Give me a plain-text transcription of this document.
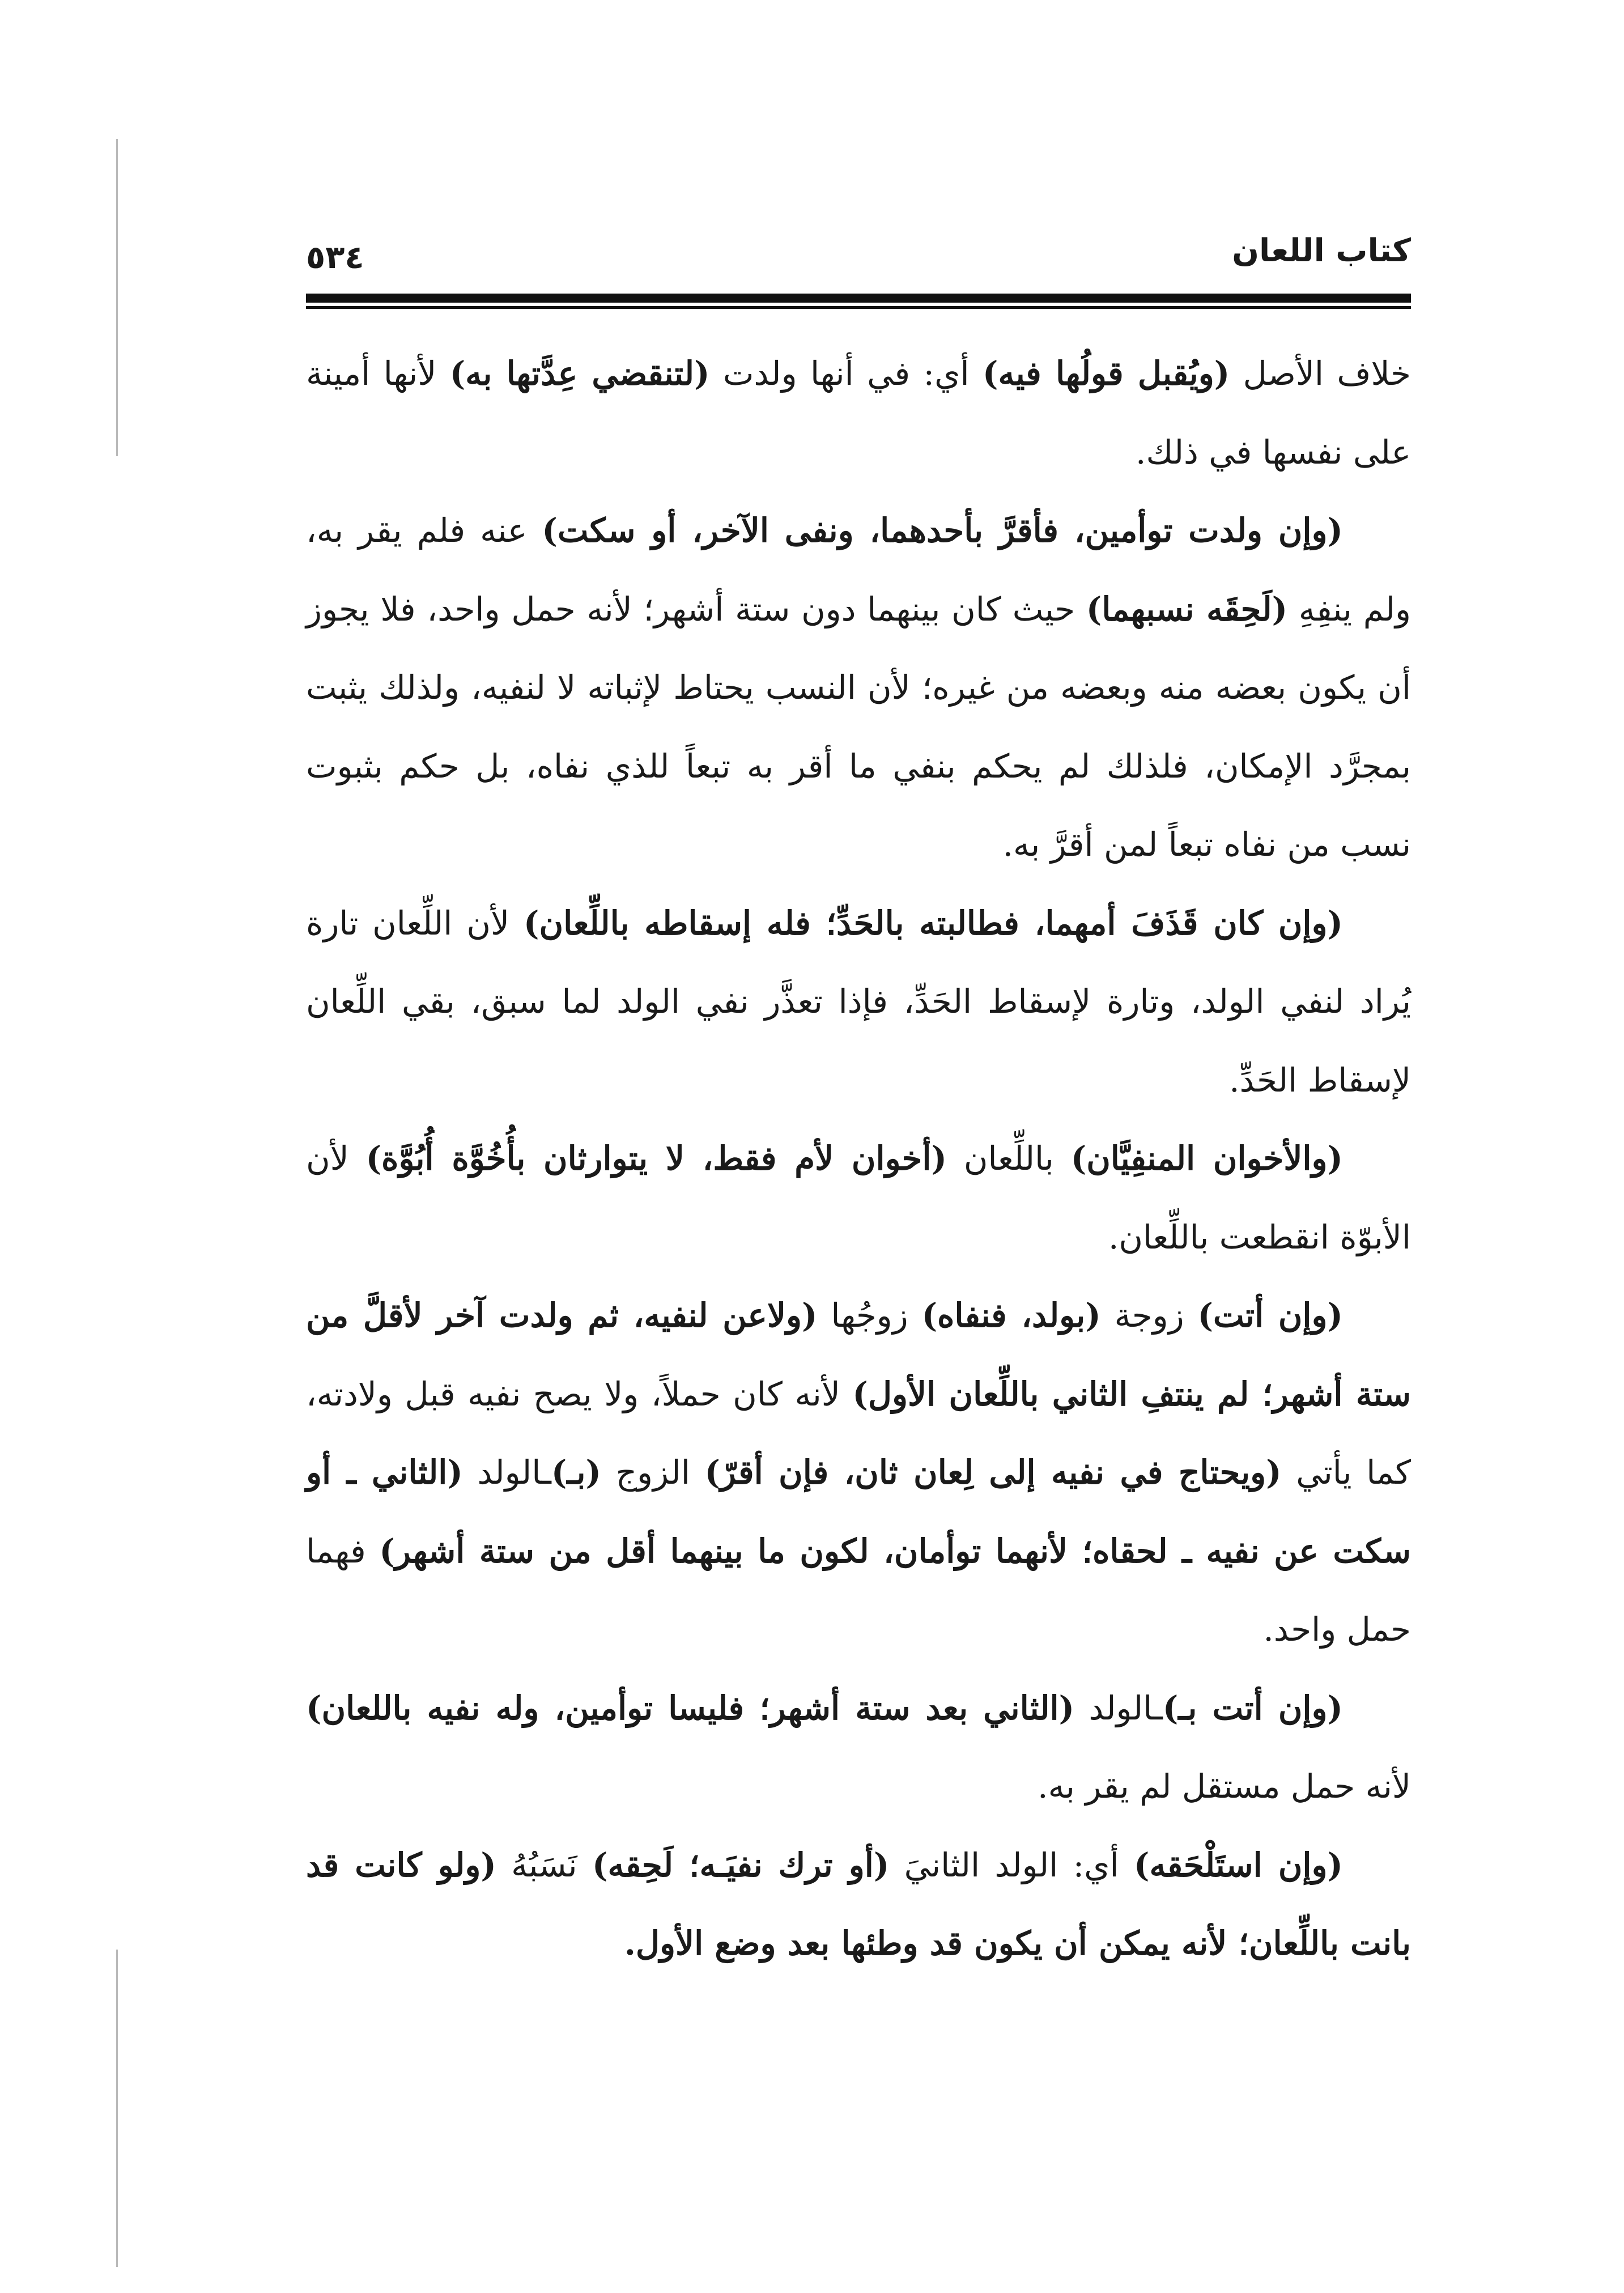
كتاب اللعان
٥٣٤

خلاف الأصل (ويُقبل قولُها فيه) أي: في أنها ولدت (لتنقضي عِدَّتها به) لأنها أمينة على نفسها في ذلك.

(وإن ولدت توأمين، فأقرَّ بأحدهما، ونفى الآخر، أو سكت) عنه فلم يقر به، ولم ينفِهِ (لَحِقَه نسبهما) حيث كان بينهما دون ستة أشهر؛ لأنه حمل واحد، فلا يجوز أن يكون بعضه منه وبعضه من غيره؛ لأن النسب يحتاط لإثباته لا لنفيه، ولذلك يثبت بمجرَّد الإمكان، فلذلك لم يحكم بنفي ما أقر به تبعاً للذي نفاه، بل حكم بثبوت نسب من نفاه تبعاً لمن أقرَّ به.

(وإن كان قَذَفَ أمهما، فطالبته بالحَدِّ؛ فله إسقاطه باللِّعان) لأن اللِّعان تارة يُراد لنفي الولد، وتارة لإسقاط الحَدِّ، فإذا تعذَّر نفي الولد لما سبق، بقي اللِّعان لإسقاط الحَدِّ.

(والأخوان المنفِيَّان) باللِّعان (أخوان لأم فقط، لا يتوارثان بأُخُوَّة أُبُوَّة) لأن الأبوّة انقطعت باللِّعان.

(وإن أتت) زوجة (بولد، فنفاه) زوجُها (ولاعن لنفيه، ثم ولدت آخر لأقلَّ من ستة أشهر؛ لم ينتفِ الثاني باللِّعان الأول) لأنه كان حملاً، ولا يصح نفيه قبل ولادته، كما يأتي (ويحتاج في نفيه إلى لِعان ثان، فإن أقرّ) الزوج (بـ)ـالولد (الثاني ـ أو سكت عن نفيه ـ لحقاه؛ لأنهما توأمان، لكون ما بينهما أقل من ستة أشهر) فهما حمل واحد.

(وإن أتت بـ)ـالولد (الثاني بعد ستة أشهر؛ فليسا توأمين، وله نفيه باللعان) لأنه حمل مستقل لم يقر به.

(وإن استَلْحَقه) أي: الولد الثانيَ (أو ترك نفيَـه؛ لَحِقه) نَسَبُهُ (ولو كانت قد بانت باللِّعان؛ لأنه يمكن أن يكون قد وطئها بعد وضع الأول.
